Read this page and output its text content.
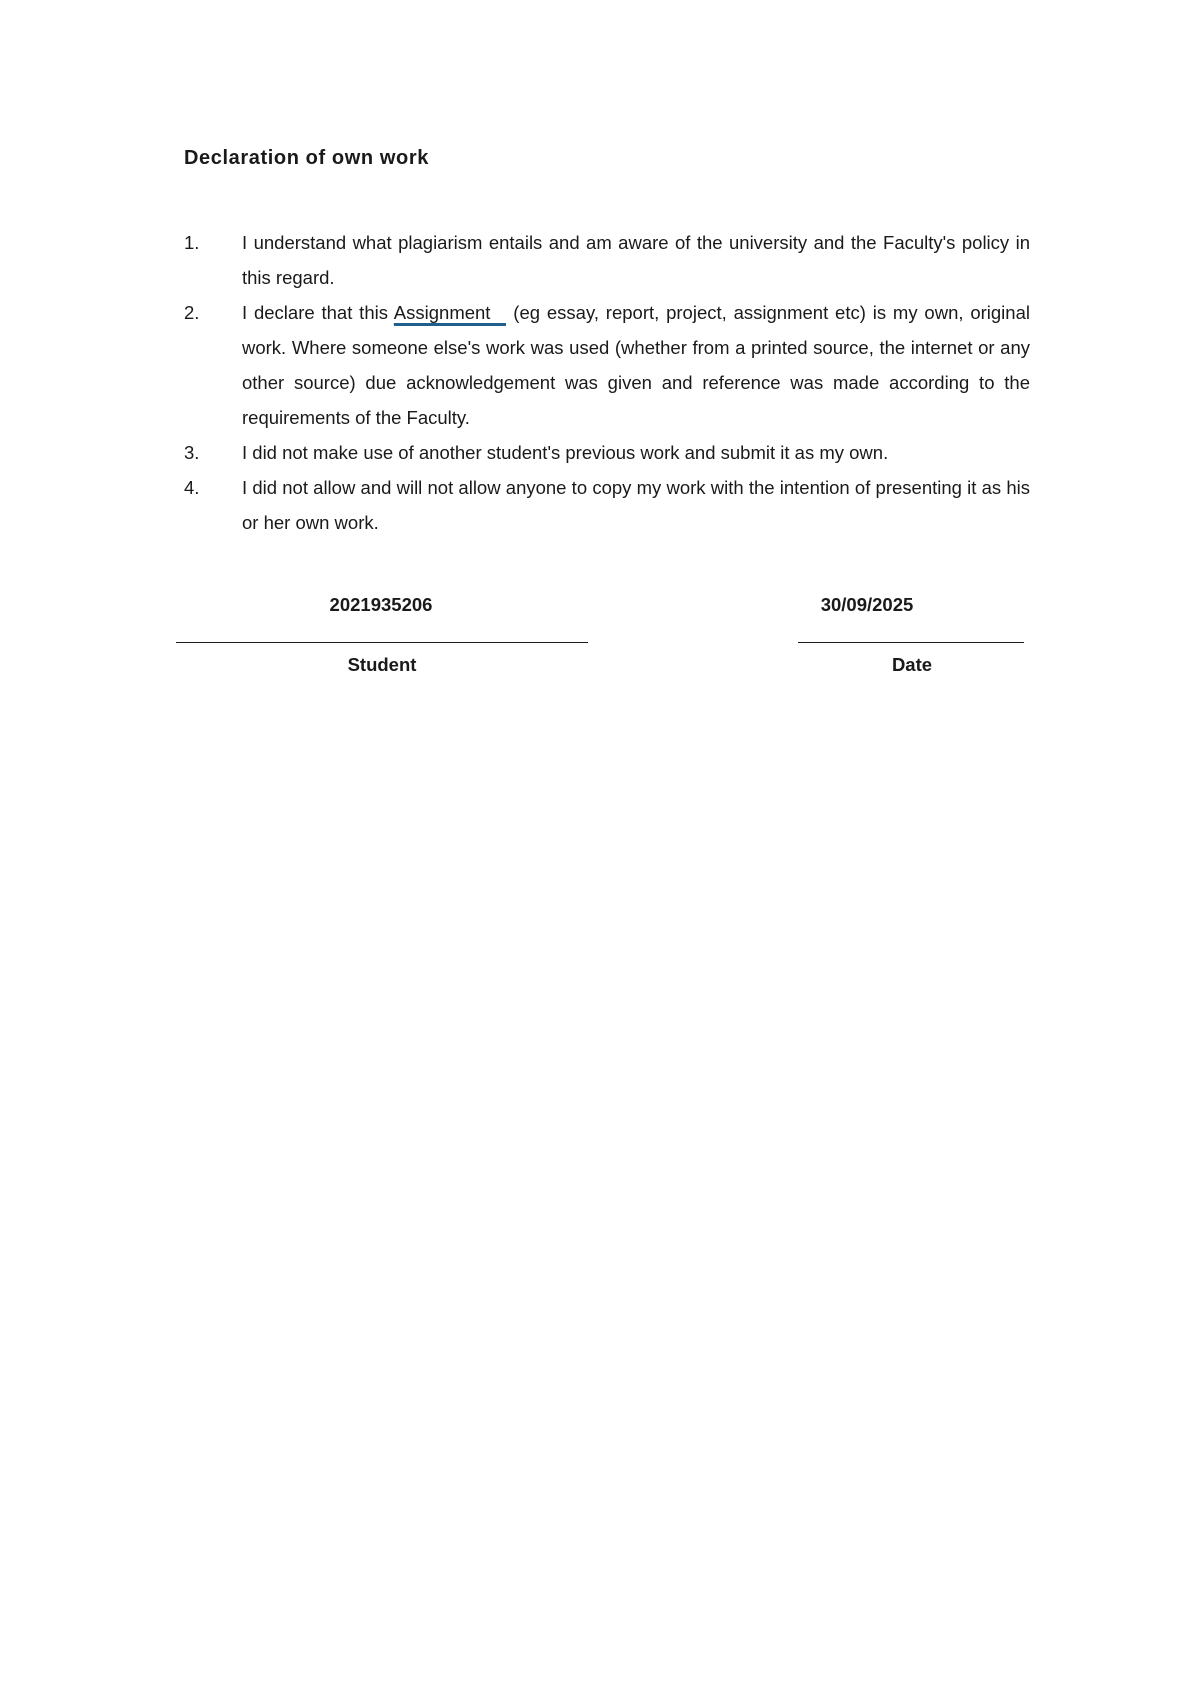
Declaration of own work
1. I understand what plagiarism entails and am aware of the university and the Faculty's policy in this regard.
2. I declare that this Assignment (eg essay, report, project, assignment etc) is my own, original work. Where someone else's work was used (whether from a printed source, the internet or any other source) due acknowledgement was given and reference was made according to the requirements of the Faculty.
3. I did not make use of another student's previous work and submit it as my own.
4. I did not allow and will not allow anyone to copy my work with the intention of presenting it as his or her own work.
2021935206	30/09/2025
Student	Date
